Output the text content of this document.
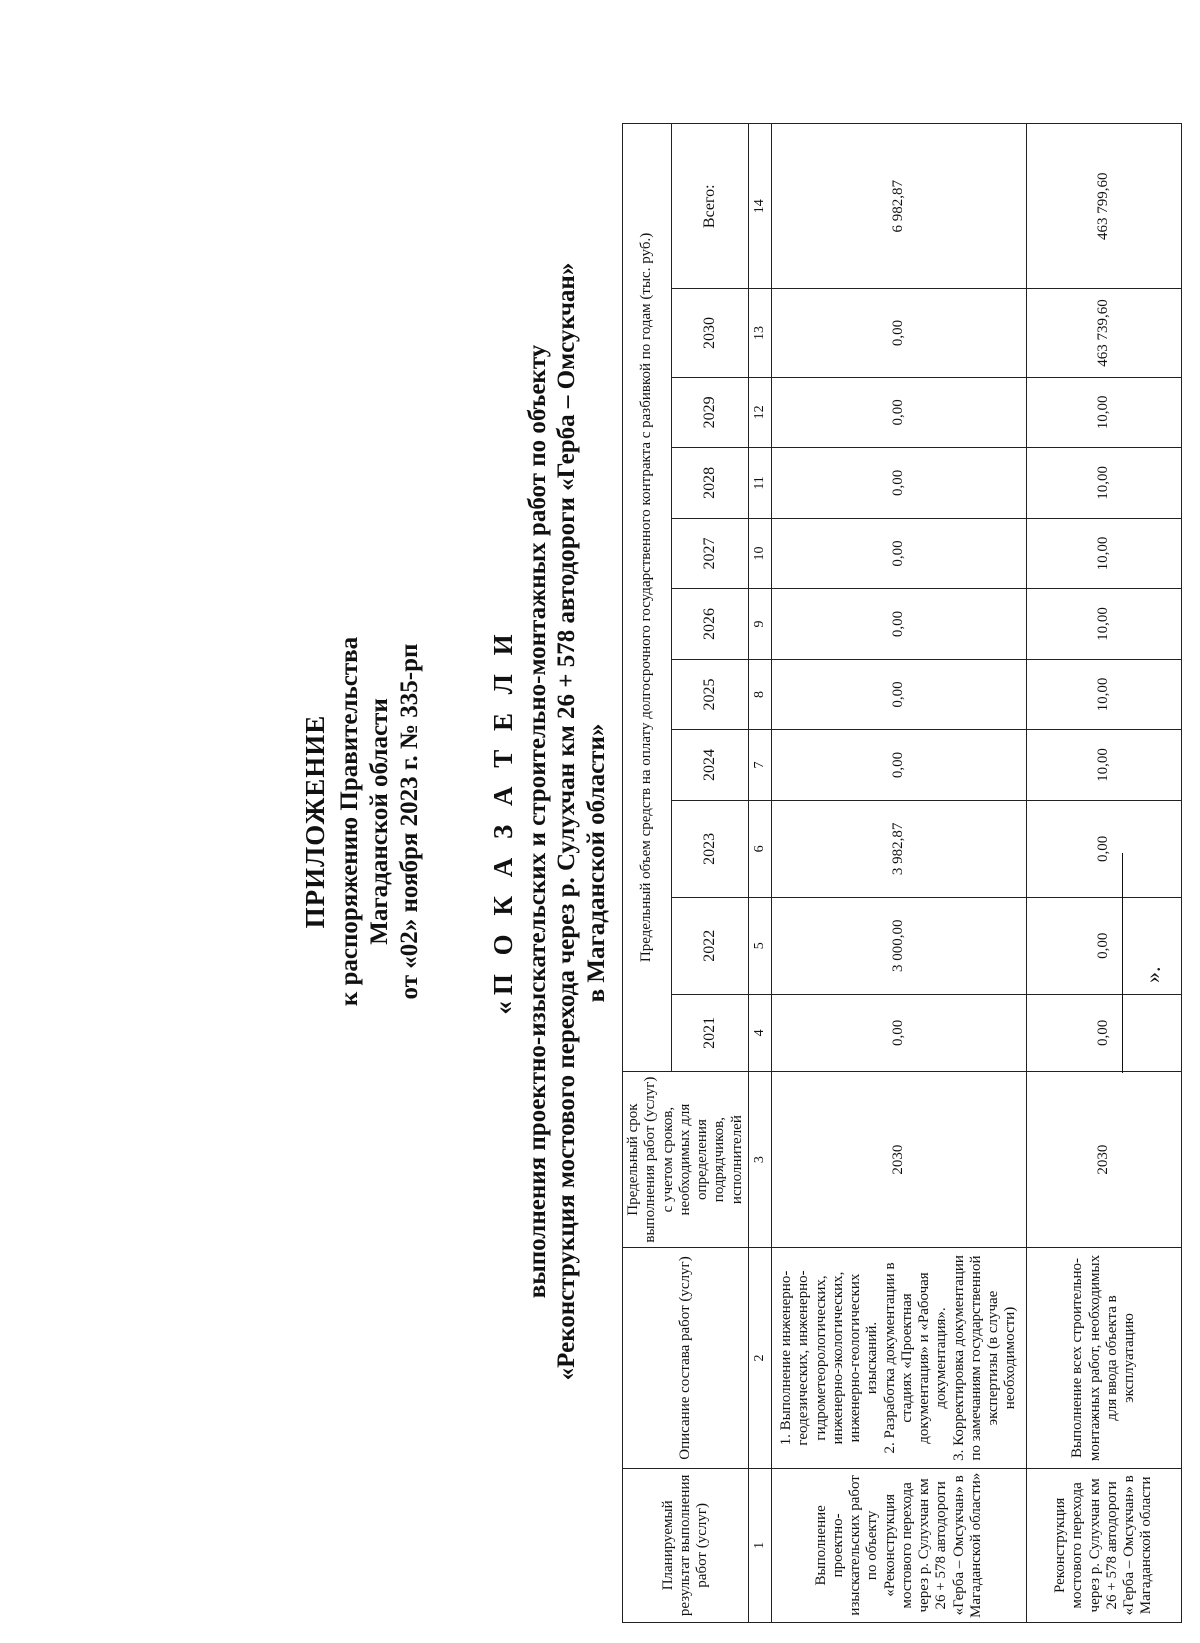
ПРИЛОЖЕНИЕ к распоряжению Правительства Магаданской области от «02» ноября 2023 г. № 335-рп «П О К А З А Т Е Л И выполнения проектно-изыскательских и строительно-монтажных работ по объекту «Реконструкция мостового перехода через р. Сулухчан км 26 + 578 автодороги «Герба – Омсукчан» в Магаданской области»
Планируемый результат выполнения работ (услуг)	Описание состава работ (услуг)	Предельный срок выполнения работ (услуг) с учетом сроков, необходимых для определения подрядчиков, исполнителей	Предельный объем средств на оплату долгосрочного государственного контракта с разбивкой по годам (тыс. руб.)										
			2021	2022	2023	2024	2025	2026	2027	2028	2029	2030	Всего:
1	2	3	4	5	6	7	8	9	10	11	12	13	14
Выполнение проектно-изыскательских работ по объекту «Реконструкция мостового перехода через р. Сулухчан км 26 + 578 автодороги «Герба – Омсукчан» в Магаданской области»	1. Выполнение инженерно-геодезических, инженерно-гидрометеорологических, инженерно-экологических, инженерно-геологических изысканий. 2. Разработка документации в стадиях «Проектная документация» и «Рабочая документация». 3. Корректировка документации по замечаниям государственной экспертизы (в случае необходимости)	2030	0,00	3 000,00	3 982,87	0,00	0,00	0,00	0,00	0,00	0,00	0,00	6 982,87
Реконструкция мостового перехода через р. Сулухчан км 26 + 578 автодороги «Герба – Омсукчан» в Магаданской области	Выполнение всех строительно-монтажных работ, необходимых для ввода объекта в эксплуатацию	2030	0,00	0,00	0,00	10,00	10,00	10,00	10,00	10,00	10,00	463 739,60	463 799,60
».
